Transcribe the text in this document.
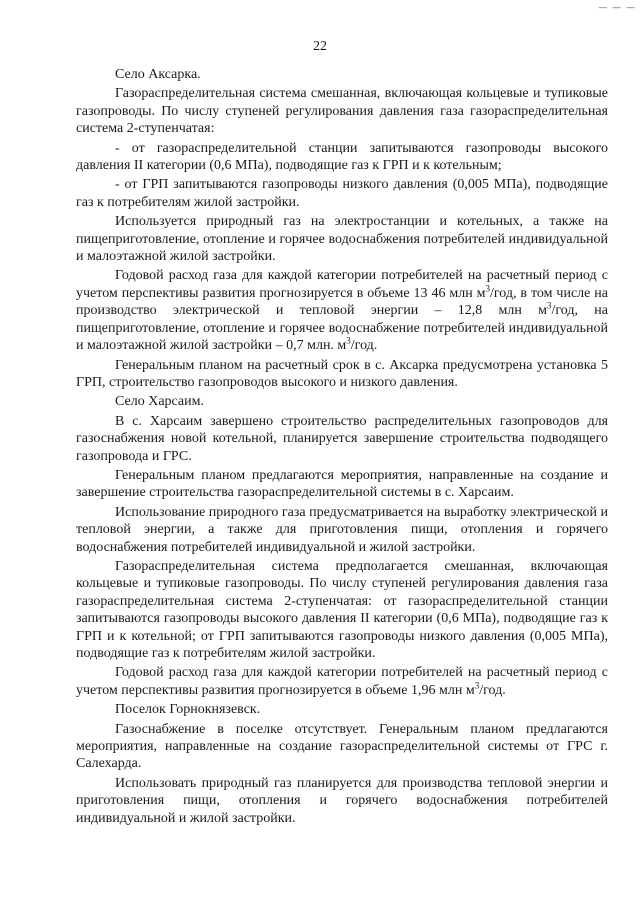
— — —
22

Село Аксарка.

Газораспределительная система смешанная, включающая кольцевые и тупиковые газопроводы. По числу ступеней регулирования давления газа газораспределительная система 2-ступенчатая:

- от газораспределительной станции запитываются газопроводы высокого давления II категории (0,6 МПа), подводящие газ к ГРП и к котельным;

- от ГРП запитываются газопроводы низкого давления (0,005 МПа), подводящие газ к потребителям жилой застройки.

Используется природный газ на электростанции и котельных, а также на пищеприготовление, отопление и горячее водоснабжения потребителей индивидуальной и малоэтажной жилой застройки.

Годовой расход газа для каждой категории потребителей на расчетный период с учетом перспективы развития прогнозируется в объеме 13 46 млн $м^3$/год, в том числе на производство электрической и тепловой энергии – 12,8 млн $м^3$/год, на пищеприготовление, отопление и горячее водоснабжение потребителей индивидуальной и малоэтажной жилой застройки – 0,7 млн. $м^3$/год.

Генеральным планом на расчетный срок в с. Аксарка предусмотрена установка 5 ГРП, строительство газопроводов высокого и низкого давления.

Село Харсаим.

В с. Харсаим завершено строительство распределительных газопроводов для газоснабжения новой котельной, планируется завершение строительства подводящего газопровода и ГРС.

Генеральным планом предлагаются мероприятия, направленные на создание и завершение строительства газораспределительной системы в с. Харсаим.

Использование природного газа предусматривается на выработку электрической и тепловой энергии, а также для приготовления пищи, отопления и горячего водоснабжения потребителей индивидуальной и жилой застройки.

Газораспределительная система предполагается смешанная, включающая кольцевые и тупиковые газопроводы. По числу ступеней регулирования давления газа газораспределительная система 2-ступенчатая: от газораспределительной станции запитываются газопроводы высокого давления II категории (0,6 МПа), подводящие газ к ГРП и к котельной; от ГРП запитываются газопроводы низкого давления (0,005 МПа), подводящие газ к потребителям жилой застройки.

Годовой расход газа для каждой категории потребителей на расчетный период с учетом перспективы развития прогнозируется в объеме 1,96 млн $м^3$/год.

Поселок Горнокнязевск.

Газоснабжение в поселке отсутствует. Генеральным планом предлагаются мероприятия, направленные на создание газораспределительной системы от ГРС г. Салехарда.

Использовать природный газ планируется для производства тепловой энергии и приготовления пищи, отопления и горячего водоснабжения потребителей индивидуальной и жилой застройки.
